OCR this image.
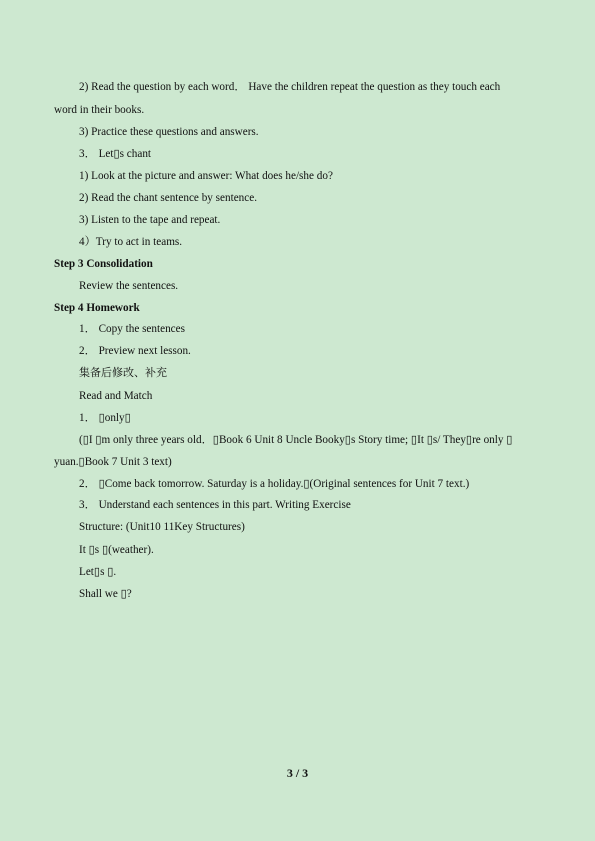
2) Read the question by each word． Have the children repeat the question as they touch each
word in their books.
3) Practice these questions and answers.
3． Let▯s chant
1) Look at the picture and answer: What does he/she do?
2) Read the chant sentence by sentence.
3) Listen to the tape and repeat.
4）Try to act in teams.
Step 3 Consolidation
Review the sentences.
Step 4 Homework
1． Copy the sentences
2． Preview next lesson.
集备后修改、补充
Read and Match
1． ▯only▯
(▯I ▯m only three years old．▯Book 6 Unit 8 Uncle Booky▯s Story time; ▯It ▯s/ They▯re only ▯
yuan.▯Book 7 Unit 3 text)
2． ▯Come back tomorrow. Saturday is a holiday.▯(Original sentences for Unit 7 text.)
3． Understand each sentences in this part. Writing Exercise
Structure: (Unit10 11Key Structures)
It ▯s ▯(weather).
Let▯s ▯.
Shall we ▯?
3 / 3
